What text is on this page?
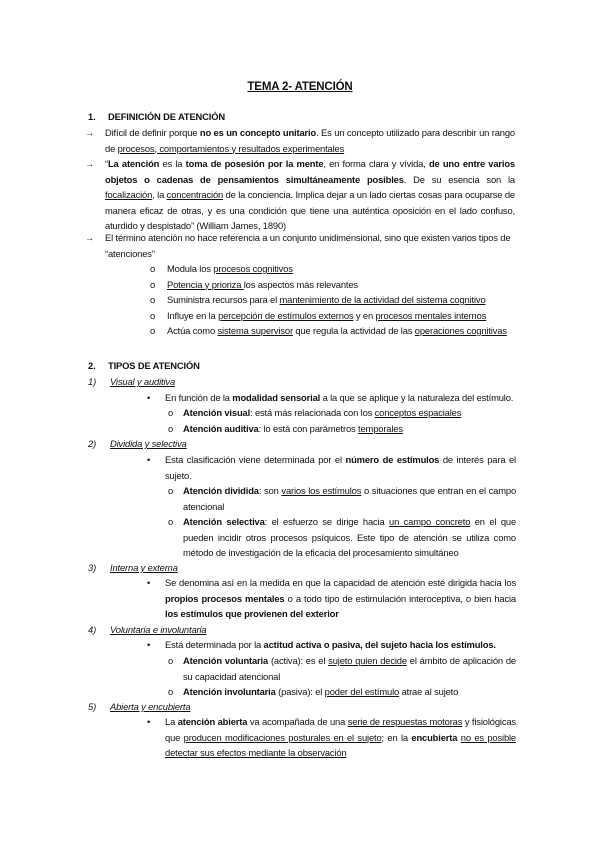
TEMA 2- ATENCIÓN
1. DEFINICIÓN DE ATENCIÓN
→ Difícil de definir porque no es un concepto unitario. Es un concepto utilizado para describir un rango de procesos, comportamientos y resultados experimentales
→ “La atención es la toma de posesión por la mente, en forma clara y vívida, de uno entre varios objetos o cadenas de pensamientos simultáneamente posibles. De su esencia son la focalización, la concentración de la conciencia. Implica dejar a un lado ciertas cosas para ocuparse de manera eficaz de otras, y es una condición que tiene una auténtica oposición en el lado confuso, aturdido y despistado” (William James, 1890)
→ El término atención no hace referencia a un conjunto unidimensional, sino que existen varios tipos de “atenciones”
o Modula los procesos cognitivos
o Potencia y prioriza los aspectos más relevantes
o Suministra recursos para el mantenimiento de la actividad del sistema cognitivo
o Influye en la percepción de estímulos externos y en procesos mentales internos
o Actúa como sistema supervisor que regula la actividad de las operaciones cognitivas
2. TIPOS DE ATENCIÓN
1) Visual y auditiva
• En función de la modalidad sensorial a la que se aplique y la naturaleza del estímulo.
o Atención visual: está más relacionada con los conceptos espaciales
o Atención auditiva: lo está con parámetros temporales
2) Dividida y selectiva
• Esta clasificación viene determinada por el número de estímulos de interés para el sujeto.
o Atención dividida: son varios los estímulos o situaciones que entran en el campo atencional
o Atención selectiva: el esfuerzo se dirige hacia un campo concreto en el que pueden incidir otros procesos psíquicos. Este tipo de atención se utiliza como método de investigación de la eficacia del procesamiento simultáneo
3) Interna y externa
• Se denomina así en la medida en que la capacidad de atención esté dirigida hacia los propios procesos mentales o a todo tipo de estimulación interoceptiva, o bien hacia los estímulos que provienen del exterior
4) Voluntaria e involuntaria
• Está determinada por la actitud activa o pasiva, del sujeto hacia los estímulos.
o Atención voluntaria (activa): es el sujeto quien decide el ámbito de aplicación de su capacidad atencional
o Atención involuntaria (pasiva): el poder del estímulo atrae al sujeto
5) Abierta y encubierta
• La atención abierta va acompañada de una serie de respuestas motoras y fisiológicas que producen modificaciones posturales en el sujeto; en la encubierta no es posible detectar sus efectos mediante la observación
